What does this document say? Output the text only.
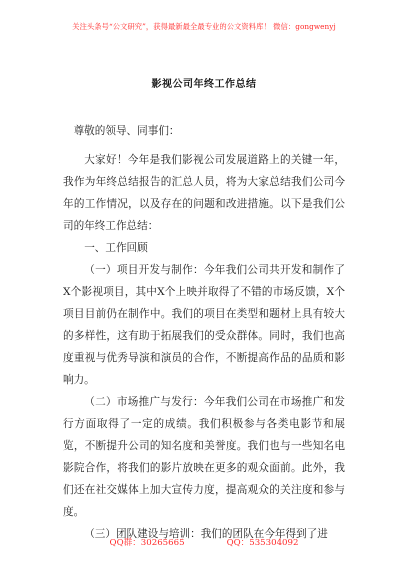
关注头条号“公文研究”，获得最新最全最专业的公文资料库！ 微信：gongwenyj
影视公司年终工作总结

尊敬的领导、同事们：

大家好！今年是我们影视公司发展道路上的关键一年，我作为年终总结报告的汇总人员，将为大家总结我们公司今年的工作情况，以及存在的问题和改进措施。以下是我们公司的年终工作总结：

一、工作回顾

（一）项目开发与制作：今年我们公司共开发和制作了X个影视项目，其中X个上映并取得了不错的市场反馈，X个项目目前仍在制作中。我们的项目在类型和题材上具有较大的多样性，这有助于拓展我们的受众群体。同时，我们也高度重视与优秀导演和演员的合作，不断提高作品的品质和影响力。

（二）市场推广与发行：今年我们公司在市场推广和发行方面取得了一定的成绩。我们积极参与各类电影节和展览，不断提升公司的知名度和美誉度。我们也与一些知名电影院合作，将我们的影片放映在更多的观众面前。此外，我们还在社交媒体上加大宣传力度，提高观众的关注度和参与度。

（三）团队建设与培训：我们的团队在今年得到了进

QQ群：30265665	QQ：535304092
